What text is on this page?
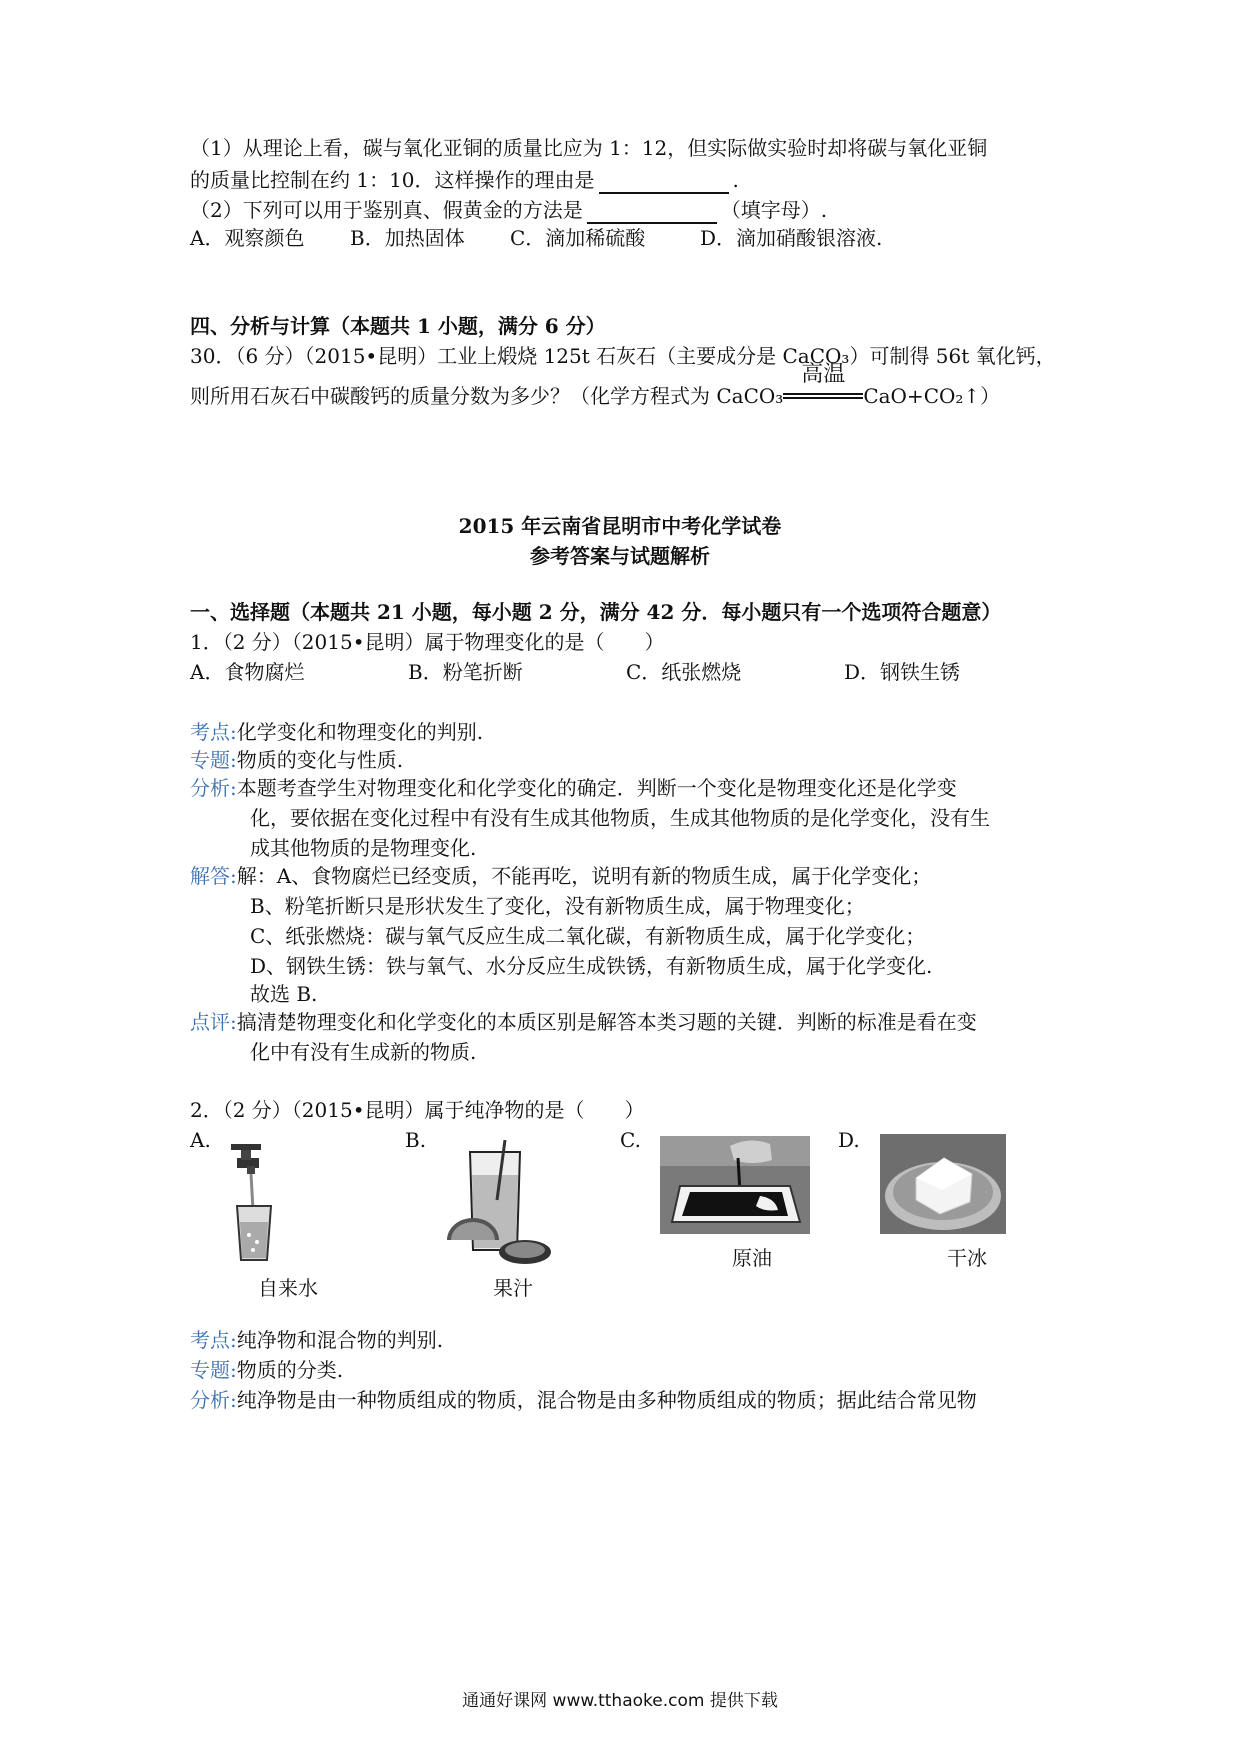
（1）从理论上看，碳与氧化亚铜的质量比应为 1：12，但实际做实验时却将碳与氧化亚铜
的质量比控制在约 1：10．这样操作的理由是	.
（2）下列可以用于鉴别真、假黄金的方法是	（填字母）.
A．观察颜色 B．加热固体 C．滴加稀硫酸	D．滴加硝酸银溶液.
四、分析与计算（本题共 1 小题，满分 6 分）
30．（6 分）（2015•昆明）工业上煅烧 125t 石灰石（主要成分是 CaCO₃）可制得 56t 氧化钙，
则所用石灰石中碳酸钙的质量分数为多少？（化学方程式为 CaCO₃
高温
CaO+CO₂↑）
2015 年云南省昆明市中考化学试卷
参考答案与试题解析
一、选择题（本题共 21 小题，每小题 2 分，满分 42 分．每小题只有一个选项符合题意）
1．（2 分）（2015•昆明）属于物理变化的是（　　）
A．食物腐烂	B．粉笔折断	C．纸张燃烧	D．钢铁生锈
考点:化学变化和物理变化的判别.
专题:物质的变化与性质.
分析:本题考查学生对物理变化和化学变化的确定．判断一个变化是物理变化还是化学变
化，要依据在变化过程中有没有生成其他物质，生成其他物质的是化学变化，没有生
成其他物质的是物理变化.
解答:解：A、食物腐烂已经变质，不能再吃，说明有新的物质生成，属于化学变化；
B、粉笔折断只是形状发生了变化，没有新物质生成，属于物理变化；
C、纸张燃烧：碳与氧气反应生成二氧化碳，有新物质生成，属于化学变化；
D、钢铁生锈：铁与氧气、水分反应生成铁锈，有新物质生成，属于化学变化.
故选 B.
点评:搞清楚物理变化和化学变化的本质区别是解答本类习题的关键．判断的标准是看在变
化中有没有生成新的物质.
2．（2 分）（2015•昆明）属于纯净物的是（　　）
A.	B.	C.	D.
自来水	果汁
原油	干冰
考点:纯净物和混合物的判别.
专题:物质的分类.
分析:纯净物是由一种物质组成的物质，混合物是由多种物质组成的物质；据此结合常见物
通通好课网 www.tthaoke.com 提供下载
